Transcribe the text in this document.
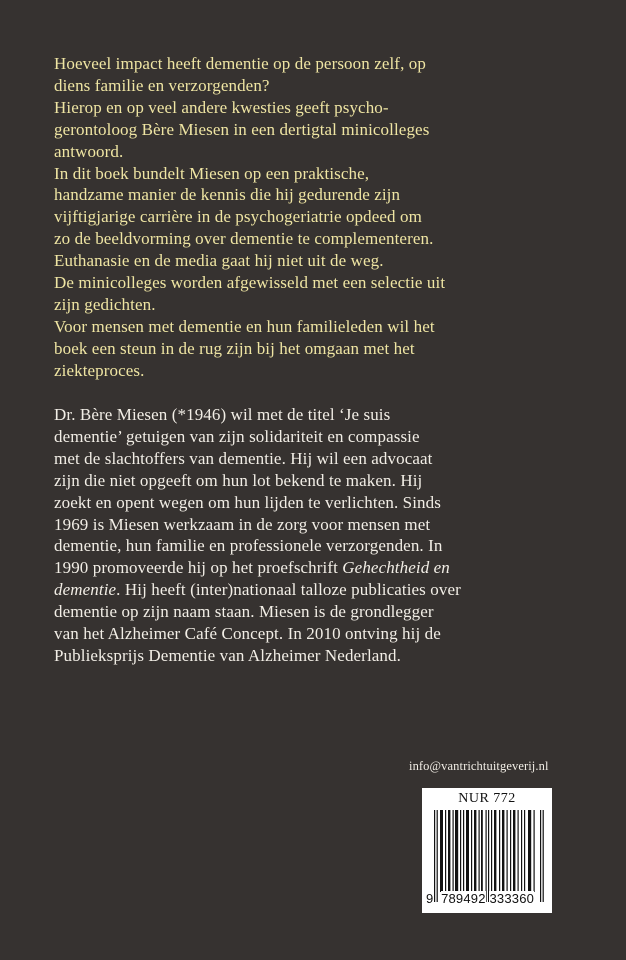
Hoeveel impact heeft dementie op de persoon zelf, op
diens familie en verzorgenden?
Hierop en op veel andere kwesties geeft psycho-
gerontoloog Bère Miesen in een dertigtal minicolleges
antwoord.
In dit boek bundelt Miesen op een praktische,
handzame manier de kennis die hij gedurende zijn
vijftigjarige carrière in de psychogeriatrie opdeed om
zo de beeldvorming over dementie te complementeren.
Euthanasie en de media gaat hij niet uit de weg.
De minicolleges worden afgewisseld met een selectie uit
zijn gedichten.
Voor mensen met dementie en hun familieleden wil het
boek een steun in de rug zijn bij het omgaan met het
ziekteproces.
Dr. Bère Miesen (*1946) wil met de titel ‘Je suis
dementie’ getuigen van zijn solidariteit en compassie
met de slachtoffers van dementie. Hij wil een advocaat
zijn die niet opgeeft om hun lot bekend te maken. Hij
zoekt en opent wegen om hun lijden te verlichten. Sinds
1969 is Miesen werkzaam in de zorg voor mensen met
dementie, hun familie en professionele verzorgenden. In
1990 promoveerde hij op het proefschrift Gehechtheid en
dementie. Hij heeft (inter)nationaal talloze publicaties over
dementie op zijn naam staan. Miesen is de grondlegger
van het Alzheimer Café Concept. In 2010 ontving hij de
Publieksprijs Dementie van Alzheimer Nederland.
info@vantrichtuitgeverij.nl
NUR 772
9 789492 333360
